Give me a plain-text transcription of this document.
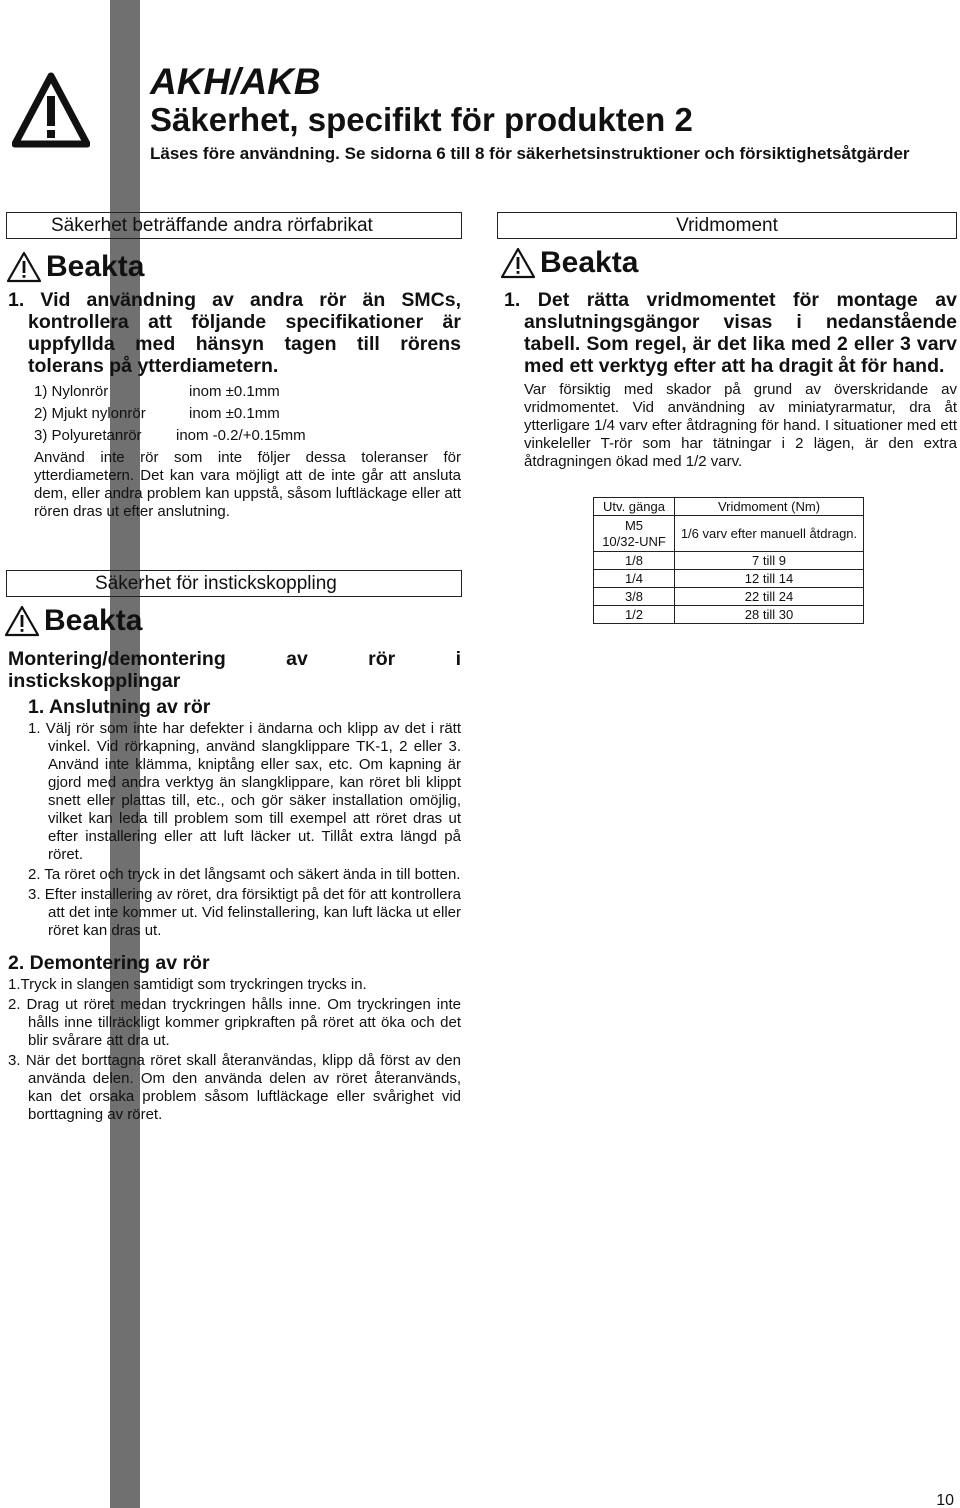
AKH/AKB
Säkerhet, specifikt för produkten 2
Läses före användning. Se sidorna 6 till 8 för säkerhetsinstruktioner och försiktighetsåtgärder
Säkerhet beträffande andra rörfabrikat
Beakta
1. Vid användning av andra rör än SMCs, kontrollera att följande specifikationer är uppfyllda med hänsyn tagen till rörens tolerans på ytterdiametern.
1) Nylonrör	inom ±0.1mm
2) Mjukt nylonrör	inom ±0.1mm
3) Polyuretanrör inom -0.2/+0.15mm
Använd inte rör som inte följer dessa toleranser för ytterdiametern. Det kan vara möjligt att de inte går att ansluta dem, eller andra problem kan uppstå, såsom luftläckage eller att rören dras ut efter anslutning.
Säkerhet för instickskoppling
Beakta
Montering/demontering av rör i instickskopplingar
1. Anslutning av rör
1. Välj rör som inte har defekter i ändarna och klipp av det i rätt vinkel. Vid rörkapning, använd slangklippare TK-1, 2 eller 3. Använd inte klämma, kniptång eller sax, etc. Om kapning är gjord med andra verktyg än slangklippare, kan röret bli klippt snett eller plattas till, etc., och gör säker installation omöjlig, vilket kan leda till problem som till exempel att röret dras ut efter installering eller att luft läcker ut. Tillåt extra längd på röret.
2. Ta röret och tryck in det långsamt och säkert ända in till botten.
3. Efter installering av röret, dra försiktigt på det för att kontrollera att det inte kommer ut. Vid felinstallering, kan luft läcka ut eller röret kan dras ut.
2. Demontering av rör
1.Tryck in slangen samtidigt som tryckringen trycks in.
2. Drag ut röret medan tryckringen hålls inne. Om tryckringen inte hålls inne tillräckligt kommer gripkraften på röret att öka och det blir svårare att dra ut.
3. När det borttagna röret skall återanvändas, klipp då först av den använda delen. Om den använda delen av röret återanvänds, kan det orsaka problem såsom luftläckage eller svårighet vid borttagning av röret.
Vridmoment
Beakta
1. Det rätta vridmomentet för montage av anslutningsgängor visas i nedanstående tabell. Som regel, är det lika med 2 eller 3 varv med ett verktyg efter att ha dragit åt för hand.
Var försiktig med skador på grund av överskridande av vridmomentet. Vid användning av miniatyrarmatur, dra åt ytterligare 1/4 varv efter åtdragning för hand. I situationer med ett vinkeleller T-rör som har tätningar i 2 lägen, är den extra åtdragningen ökad med 1/2 varv.
Utv. gänga	Vridmoment (Nm)

M5
10/32-UNF	1/6 varv efter manuell åtdragn.
1/8	7 till 9
1/4	12 till 14
3/8	22 till 24
1/2	28 till 30
10
